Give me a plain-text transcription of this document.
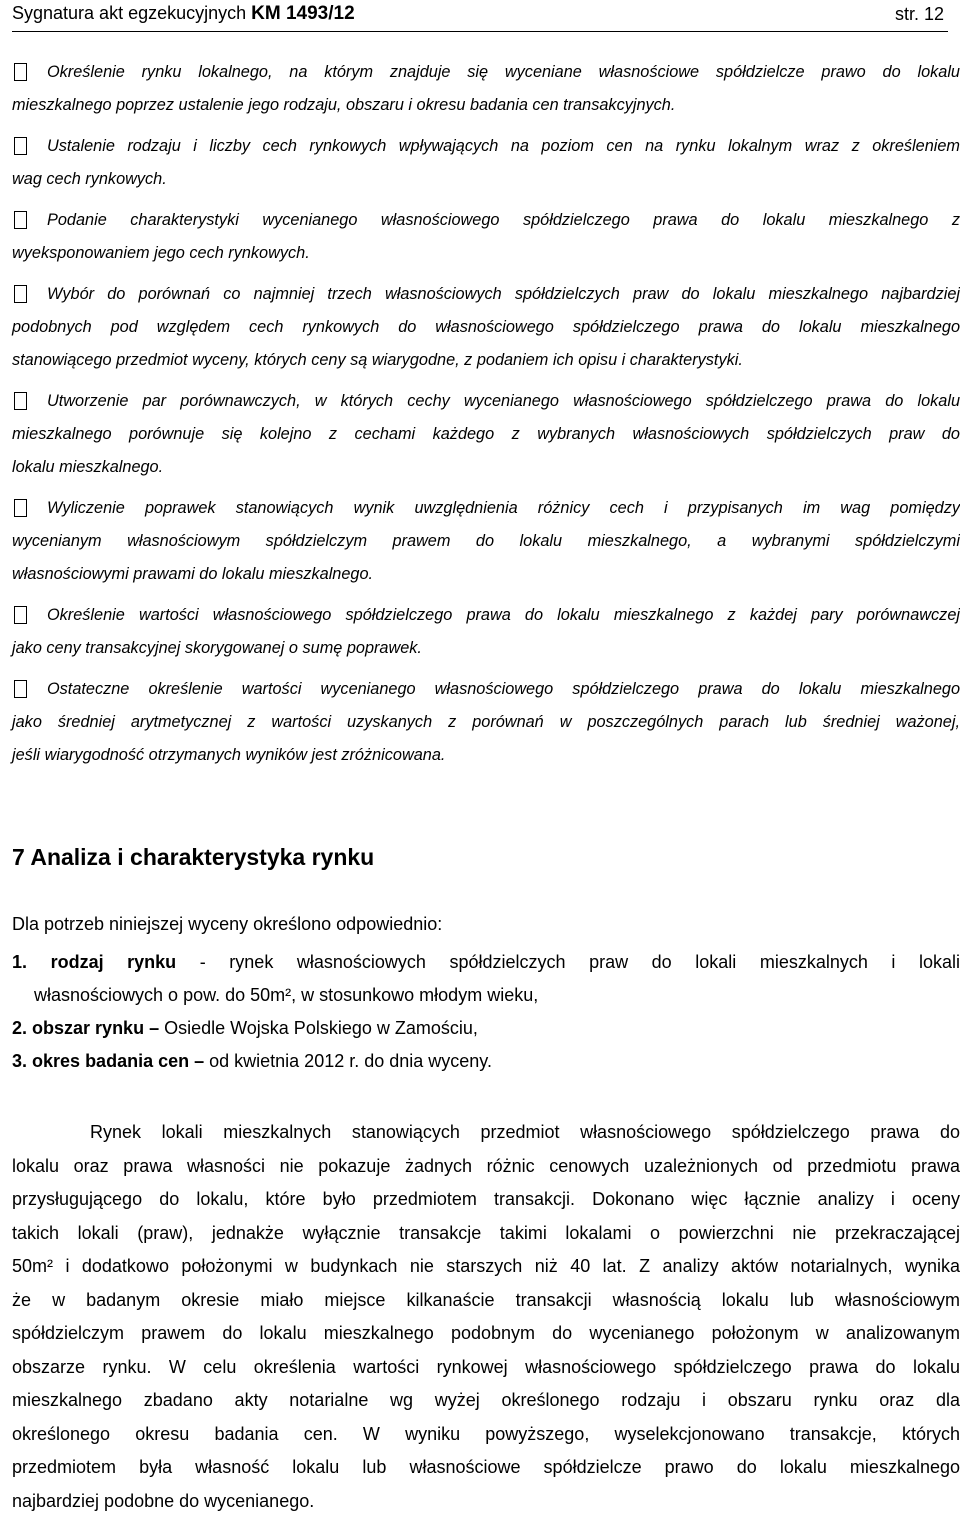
Sygnatura akt egzekucyjnych KM 1493/12	str. 12
Określenie rynku lokalnego, na którym znajduje się wyceniane własnościowe spółdzielcze prawo do lokalu
mieszkalnego poprzez ustalenie jego rodzaju, obszaru i okresu badania cen transakcyjnych.
Ustalenie rodzaju i liczby cech rynkowych wpływających na poziom cen na rynku lokalnym wraz z określeniem
wag cech rynkowych.
Podanie charakterystyki wycenianego własnościowego spółdzielczego prawa do lokalu mieszkalnego z
wyeksponowaniem jego cech rynkowych.
Wybór do porównań co najmniej trzech własnościowych spółdzielczych praw do lokalu mieszkalnego najbardziej
podobnych pod względem cech rynkowych do własnościowego spółdzielczego prawa do lokalu mieszkalnego
stanowiącego przedmiot wyceny, których ceny są wiarygodne, z podaniem ich opisu i charakterystyki.
Utworzenie par porównawczych, w których cechy wycenianego własnościowego spółdzielczego prawa do lokalu
mieszkalnego porównuje się kolejno z cechami każdego z wybranych własnościowych spółdzielczych praw do
lokalu mieszkalnego.
Wyliczenie poprawek stanowiących wynik uwzględnienia różnicy cech i przypisanych im wag pomiędzy
wycenianym własnościowym spółdzielczym prawem do lokalu mieszkalnego, a wybranymi spółdzielczymi
własnościowymi prawami do lokalu mieszkalnego.
Określenie wartości własnościowego spółdzielczego prawa do lokalu mieszkalnego z każdej pary porównawczej
jako ceny transakcyjnej skorygowanej o sumę poprawek.
Ostateczne określenie wartości wycenianego własnościowego spółdzielczego prawa do lokalu mieszkalnego
jako średniej arytmetycznej z wartości uzyskanych z porównań w poszczególnych parach lub średniej ważonej,
jeśli wiarygodność otrzymanych wyników jest zróżnicowana.
7 Analiza i charakterystyka rynku
Dla potrzeb niniejszej wyceny określono odpowiednio:
1. rodzaj rynku - rynek własnościowych spółdzielczych praw do lokali mieszkalnych i lokali
własnościowych o pow. do 50m², w stosunkowo młodym wieku,
2. obszar rynku – Osiedle Wojska Polskiego w Zamościu,
3. okres badania cen – od kwietnia 2012 r. do dnia wyceny.
Rynek lokali mieszkalnych stanowiących przedmiot własnościowego spółdzielczego prawa do
lokalu oraz prawa własności nie pokazuje żadnych różnic cenowych uzależnionych od przedmiotu prawa
przysługującego do lokalu, które było przedmiotem transakcji. Dokonano więc łącznie analizy i oceny
takich lokali (praw), jednakże wyłącznie transakcje takimi lokalami o powierzchni nie przekraczającej
50m² i dodatkowo położonymi w budynkach nie starszych niż 40 lat. Z analizy aktów notarialnych, wynika
że w badanym okresie miało miejsce kilkanaście transakcji własnością lokalu lub własnościowym
spółdzielczym prawem do lokalu mieszkalnego podobnym do wycenianego położonym w analizowanym
obszarze rynku. W celu określenia wartości rynkowej własnościowego spółdzielczego prawa do lokalu
mieszkalnego zbadano akty notarialne wg wyżej określonego rodzaju i obszaru rynku oraz dla
określonego okresu badania cen. W wyniku powyższego, wyselekcjonowano transakcje, których
przedmiotem była własność lokalu lub własnościowe spółdzielcze prawo do lokalu mieszkalnego
najbardziej podobne do wycenianego.
